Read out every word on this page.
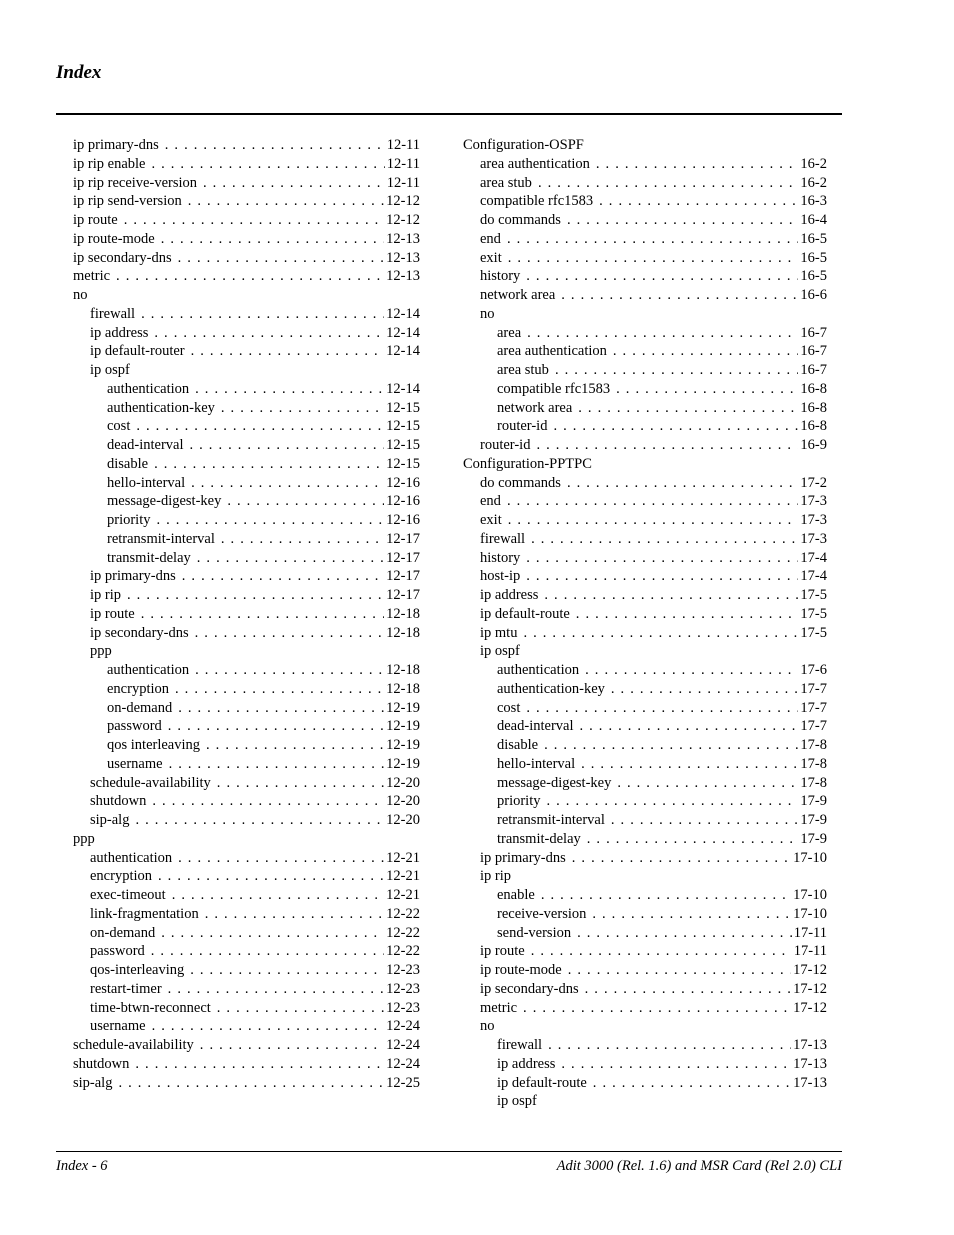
Index
ip primary-dns . . .	12-11
ip rip enable . . .	12-11
ip rip receive-version . . .	12-11
ip rip send-version . . .	12-12
ip route . . .	12-12
ip route-mode . . .	12-13
ip secondary-dns . . .	12-13
metric . . .	12-13
no
firewall . . .	12-14
ip address . . .	12-14
ip default-router . . .	12-14
ip ospf
authentication . . .	12-14
authentication-key . . .	12-15
cost . . .	12-15
dead-interval . . .	12-15
disable . . .	12-15
hello-interval . . .	12-16
message-digest-key . . .	12-16
priority . . .	12-16
retransmit-interval . . .	12-17
transmit-delay . . .	12-17
ip primary-dns . . .	12-17
ip rip . . .	12-17
ip route . . .	12-18
ip secondary-dns . . .	12-18
ppp
authentication . . .	12-18
encryption . . .	12-18
on-demand . . .	12-19
password . . .	12-19
qos interleaving . . .	12-19
username . . .	12-19
schedule-availability . . .	12-20
shutdown . . .	12-20
sip-alg . . .	12-20
ppp
authentication . . .	12-21
encryption . . .	12-21
exec-timeout . . .	12-21
link-fragmentation . . .	12-22
on-demand . . .	12-22
password . . .	12-22
qos-interleaving . . .	12-23
restart-timer . . .	12-23
time-btwn-reconnect . . .	12-23
username . . .	12-24
schedule-availability . . .	12-24
shutdown . . .	12-24
sip-alg . . .	12-25
Configuration-OSPF
area authentication . . .	16-2
area stub . . .	16-2
compatible rfc1583 . . .	16-3
do commands . . .	16-4
end . . .	16-5
exit . . .	16-5
history . . .	16-5
network area . . .	16-6
no
area . . .	16-7
area authentication . . .	16-7
area stub . . .	16-7
compatible rfc1583 . . .	16-8
network area . . .	16-8
router-id . . .	16-8
router-id . . .	16-9
Configuration-PPTPC
do commands . . .	17-2
end . . .	17-3
exit . . .	17-3
firewall . . .	17-3
history . . .	17-4
host-ip . . .	17-4
ip address . . .	17-5
ip default-route . . .	17-5
ip mtu . . .	17-5
ip ospf
authentication . . .	17-6
authentication-key . . .	17-7
cost . . .	17-7
dead-interval . . .	17-7
disable . . .	17-8
hello-interval . . .	17-8
message-digest-key . . .	17-8
priority . . .	17-9
retransmit-interval . . .	17-9
transmit-delay . . .	17-9
ip primary-dns . . .	17-10
ip rip
enable . . .	17-10
receive-version . . .	17-10
send-version . . .	17-11
ip route . . .	17-11
ip route-mode . . .	17-12
ip secondary-dns . . .	17-12
metric . . .	17-12
no
firewall . . .	17-13
ip address . . .	17-13
ip default-route . . .	17-13
ip ospf
Index - 6	Adit 3000 (Rel. 1.6) and MSR Card (Rel 2.0) CLI
